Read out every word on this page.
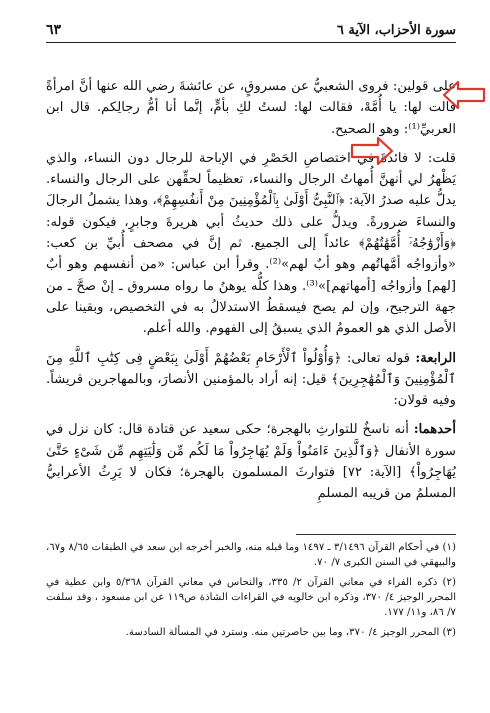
سورة الأحزاب، الآية ٦
٦٣

على قولين: فروى الشعبيُّ عن مسروقٍ، عن عائشةَ رضي الله عنها أنَّ امرأةً قالت لها: يا أُمَّهْ، فقالت لها: لستُ لكِ بأمٍّ، إنَّما أنا أمُّ رجالِكم. قال ابن العربيِّ⁽¹⁾: وهو الصحيح.

قلت: لا فائدةَ في اختصاصِ الحَصْرِ في الإباحة للرجال دون النساء، والذي يَظْهرُ لي أنهنَّ أُمهاتُ الرجال والنساء، تعظيماً لحقِّهن على الرجال والنساء. يدلُّ عليه صدرُ الآية: ﴿ٱلنَّبِىُّ أَوْلَىٰ بِٱلْمُؤْمِنِينَ مِنْ أَنفُسِهِمْ﴾، وهذا يشملُ الرجالَ والنساءَ ضرورةً. ويدلُّ على ذلك حديثُ أبي هريرةَ وجابرٍ، فيكون قوله: ﴿وَأَزْوَٰجُهُۥٓ أُمَّهَٰتُهُمْ﴾ عائداً إلى الجميع. ثم إنَّ في مصحف أُبيِّ بن كعب: «وأزواجُه أمَّهاتُهم وهو أبٌ لهم»⁽²⁾. وقرأ ابن عباس: «من أنفسهم وهو أبٌ [لهم] وأزواجُه [أمهاتهم]»⁽³⁾. وهذا كلُّه يوهنُ ما رواه مسروق ـ إنْ صحَّ ـ من جهة الترجيح، وإن لم يصح فيسقطُ الاستدلالُ به في التخصيص، وبقينا على الأصل الذي هو العمومُ الذي يسبقُ إلى الفهوم. والله أعلم.

الرابعة: قوله تعالى: ﴿وَأُوْلُواْ ٱلْأَرْحَامِ بَعْضُهُمْ أَوْلَىٰ بِبَعْضٍ فِى كِتَٰبِ ٱللَّهِ مِنَ ٱلْمُؤْمِنِينَ وَٱلْمُهَٰجِرِينَ﴾ قيل: إنه أراد بالمؤمنين الأنصارَ، وبالمهاجرين قريشاً. وفيه قولان:

أحدهما: أنه ناسخٌ للتوارثِ بالهجرة؛ حكى سعيد عن قتادة قال: كان نزل في سورة الأنفال ﴿وَٱلَّذِينَ ءَامَنُواْ وَلَمْ يُهَاجِرُواْ مَا لَكُم مِّن وَلَٰيَتِهِم مِّن شَىْءٍ حَتَّىٰ يُهَاجِرُواْ﴾ [الآية: ٧٢] فتوارثَ المسلمون بالهجرة؛ فكان لا يَرِثُ الأعرابيُّ المسلمُ من قريبه المسلمِ

(١) في أحكام القرآن ٣/١٤٩٦ ـ ١٤٩٧ وما قبله منه، والخبر أخرجه ابن سعد في الطبقات ٨/٦٥ و٦٧، والبيهقي في السنن الكبرى ٧/ ٧٠.

(٢) ذكره الفراء في معاني القرآن ٢/ ٣٣٥، والنحاس في معاني القرآن ٥/٣٦٨ وابن عطية في المحرر الوجيز ٤/ ٣٧٠، وذكره ابن خالويه في القراءات الشاذة ص١١٩ عن ابن مسعود ، وقد سلفت ٧/ ٨٦، و١١/ ١٧٧.

(٣) المحرر الوجيز ٤/ ٣٧٠، وما بين حاصرتين منه. وسترد في المسألة السادسة.
